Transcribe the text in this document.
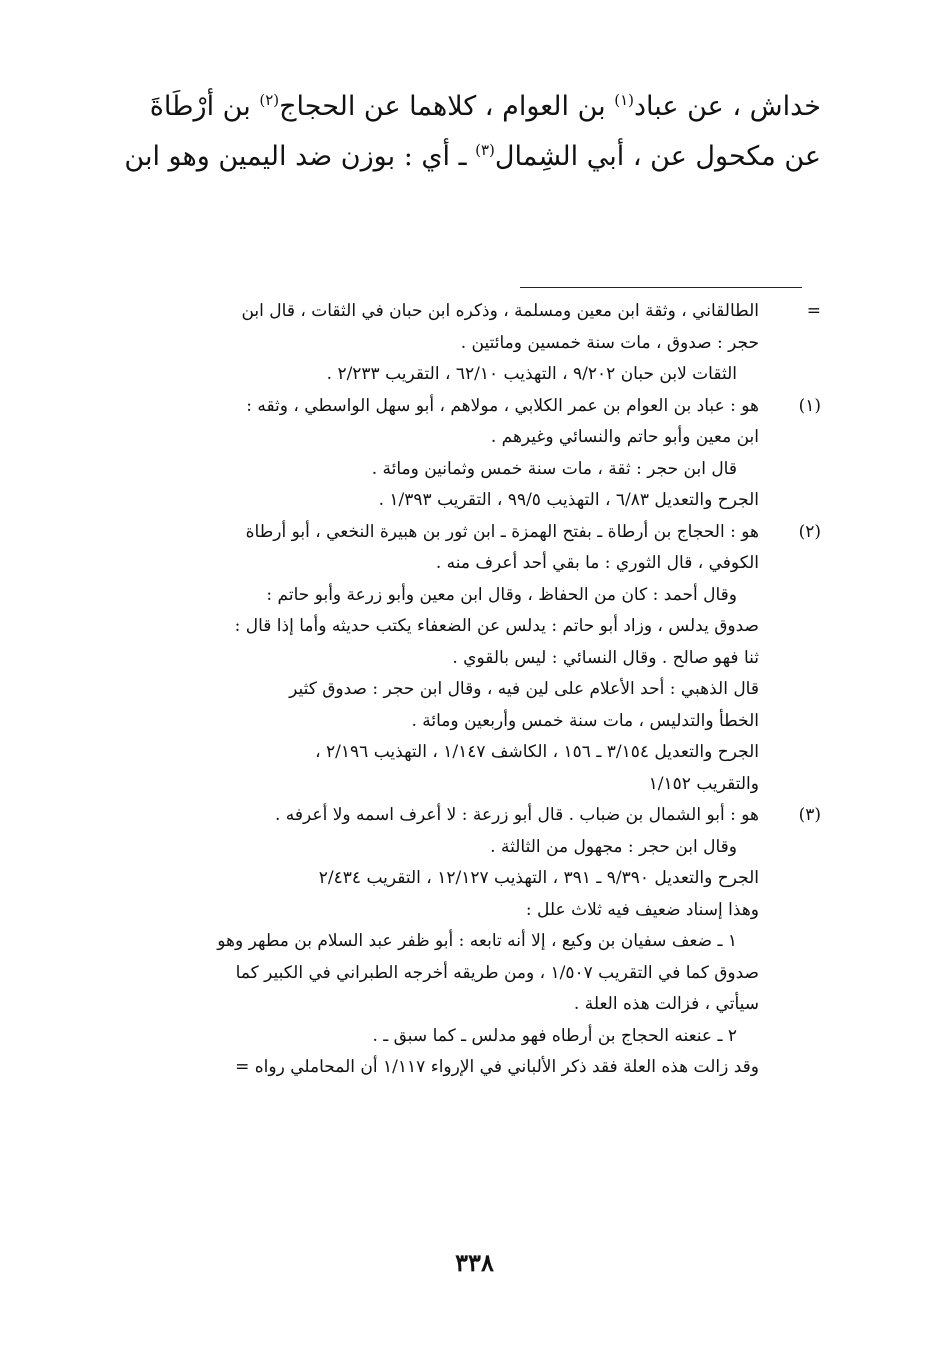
خداش ، عن عباد$^{(١)}$ بن العوام ، كلاهما عن الحجاج$^{(٢)}$ بن أرْطَاةَ
عن مكحول عن ، أبي الشِمال$^{(٣)}$ ـ أي : بوزن ضد اليمين وهو ابن
=
الطالقاني ، وثقة ابن معين ومسلمة ، وذكره ابن حبان في الثقات ، قال ابن
حجر : صدوق ، مات سنة خمسين ومائتين .
الثقات لابن حبان ٩/٢٠٢ ، التهذيب ٦٢/١٠ ، التقريب ٢/٢٣٣ .
(١)
هو : عباد بن العوام بن عمر الكلابي ، مولاهم ، أبو سهل الواسطي ، وثقه :
ابن معين وأبو حاتم والنسائي وغيرهم .
قال ابن حجر : ثقة ، مات سنة خمس وثمانين ومائة .
الجرح والتعديل ٦/٨٣ ، التهذيب ٩٩/٥ ، التقريب ١/٣٩٣ .
(٢)
هو : الحجاج بن أرطاة ـ بفتح الهمزة ـ ابن ثور بن هبيرة النخعي ، أبو أرطاة
الكوفي ، قال الثوري : ما بقي أحد أعرف منه .
وقال أحمد : كان من الحفاظ ، وقال ابن معين وأبو زرعة وأبو حاتم :
صدوق يدلس ، وزاد أبو حاتم : يدلس عن الضعفاء يكتب حديثه وأما إذا قال :
ثنا فهو صالح . وقال النسائي : ليس بالقوي .
قال الذهبي : أحد الأعلام على لين فيه ، وقال ابن حجر : صدوق كثير
الخطأ والتدليس ، مات سنة خمس وأربعين ومائة .
الجرح والتعديل ٣/١٥٤ ـ ١٥٦ ، الكاشف ١/١٤٧ ، التهذيب ٢/١٩٦ ،
والتقريب ١/١٥٢
(٣)
هو : أبو الشمال بن ضباب . قال أبو زرعة : لا أعرف اسمه ولا أعرفه .
وقال ابن حجر : مجهول من الثالثة .
الجرح والتعديل ٩/٣٩٠ ـ ٣٩١ ، التهذيب ١٢/١٢٧ ، التقريب ٢/٤٣٤
وهذا إسناد ضعيف فيه ثلاث علل :
١ ـ ضعف سفيان بن وكيع ، إلا أنه تابعه : أبو ظفر عبد السلام بن مطهر وهو
صدوق كما في التقريب ١/٥٠٧ ، ومن طريقه أخرجه الطبراني في الكبير كما
سيأتي ، فزالت هذه العلة .
٢ ـ عنعنه الحجاج بن أرطاه فهو مدلس ـ كما سبق ـ .
وقد زالت هذه العلة فقد ذكر الألباني في الإرواء ١/١١٧ أن المحاملي رواه =
٣٣٨
